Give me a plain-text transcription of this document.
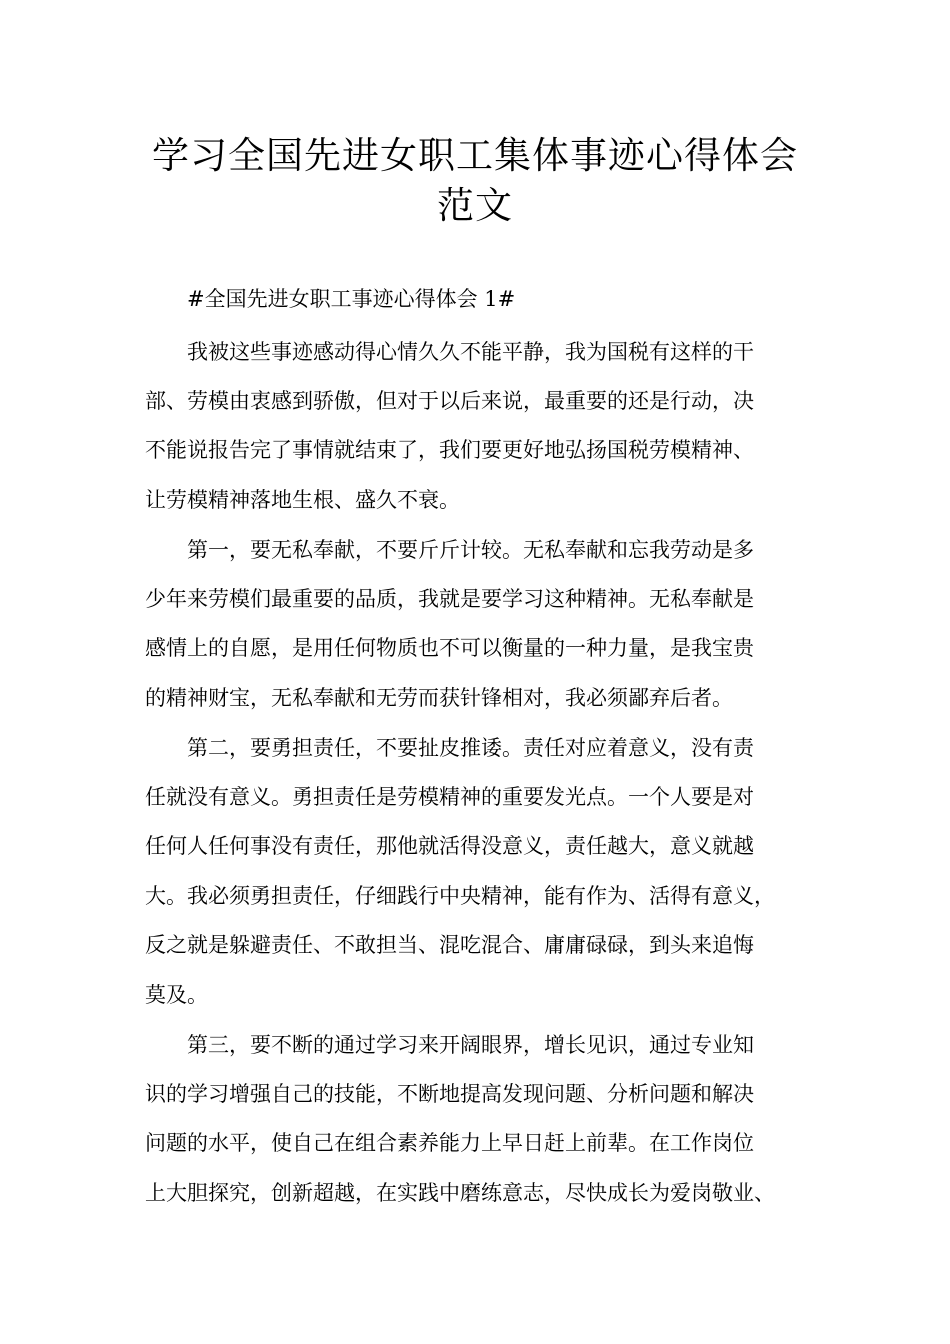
学习全国先进女职工集体事迹心得体会
范文
#全国先进女职工事迹心得体会 1#
我被这些事迹感动得心情久久不能平静，我为国税有这样的干
部、劳模由衷感到骄傲，但对于以后来说，最重要的还是行动，决
不能说报告完了事情就结束了，我们要更好地弘扬国税劳模精神、
让劳模精神落地生根、盛久不衰。
第一，要无私奉献，不要斤斤计较。无私奉献和忘我劳动是多
少年来劳模们最重要的品质，我就是要学习这种精神。无私奉献是
感情上的自愿，是用任何物质也不可以衡量的一种力量，是我宝贵
的精神财宝，无私奉献和无劳而获针锋相对，我必须鄙弃后者。
第二，要勇担责任，不要扯皮推诿。责任对应着意义，没有责
任就没有意义。勇担责任是劳模精神的重要发光点。一个人要是对
任何人任何事没有责任，那他就活得没意义，责任越大，意义就越
大。我必须勇担责任，仔细践行中央精神，能有作为、活得有意义，
反之就是躲避责任、不敢担当、混吃混合、庸庸碌碌，到头来追悔
莫及。
第三，要不断的通过学习来开阔眼界，增长见识，通过专业知
识的学习增强自己的技能，不断地提高发现问题、分析问题和解决
问题的水平，使自己在组合素养能力上早日赶上前辈。在工作岗位
上大胆探究，创新超越，在实践中磨练意志，尽快成长为爱岗敬业、
